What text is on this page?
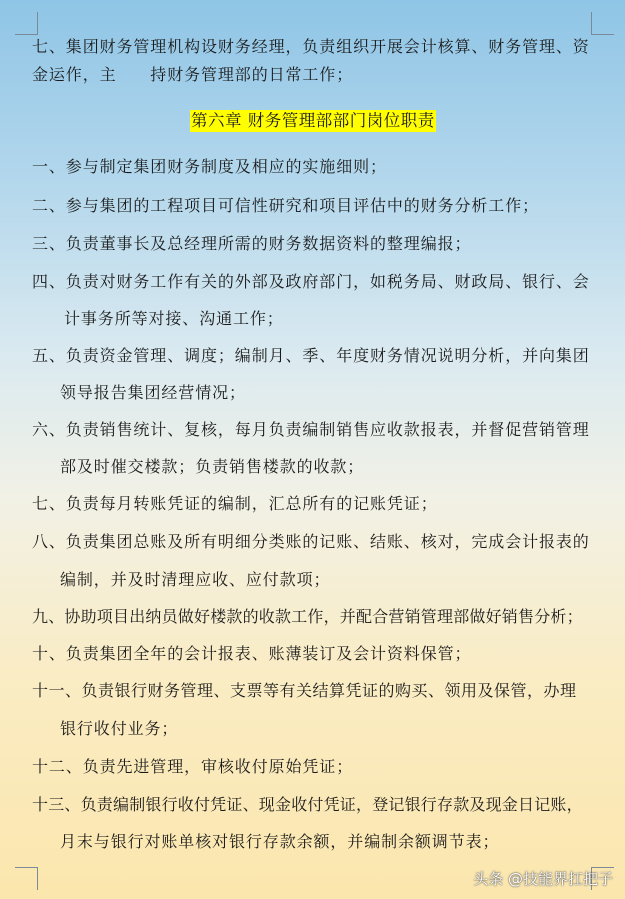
七、集团财务管理机构设财务经理，负责组织开展会计核算、财务管理、资
金运作，主　　持财务管理部的日常工作；
第六章 财务管理部部门岗位职责
一、参与制定集团财务制度及相应的实施细则；
二、参与集团的工程项目可信性研究和项目评估中的财务分析工作；
三、负责董事长及总经理所需的财务数据资料的整理编报；
四、负责对财务工作有关的外部及政府部门，如税务局、财政局、银行、会
计事务所等对接、沟通工作；
五、负责资金管理、调度；编制月、季、年度财务情况说明分析，并向集团
领导报告集团经营情况；
六、负责销售统计、复核，每月负责编制销售应收款报表，并督促营销管理
部及时催交楼款；负责销售楼款的收款；
七、负责每月转账凭证的编制，汇总所有的记账凭证；
八、负责集团总账及所有明细分类账的记账、结账、核对，完成会计报表的
编制，并及时清理应收、应付款项；
九、协助项目出纳员做好楼款的收款工作，并配合营销管理部做好销售分析；
十、负责集团全年的会计报表、账薄装订及会计资料保管；
十一、负责银行财务管理、支票等有关结算凭证的购买、领用及保管，办理
银行收付业务；
十二、负责先进管理，审核收付原始凭证；
十三、负责编制银行收付凭证、现金收付凭证，登记银行存款及现金日记账，
月末与银行对账单核对银行存款余额，并编制余额调节表；
头条 @技能界扛把子
